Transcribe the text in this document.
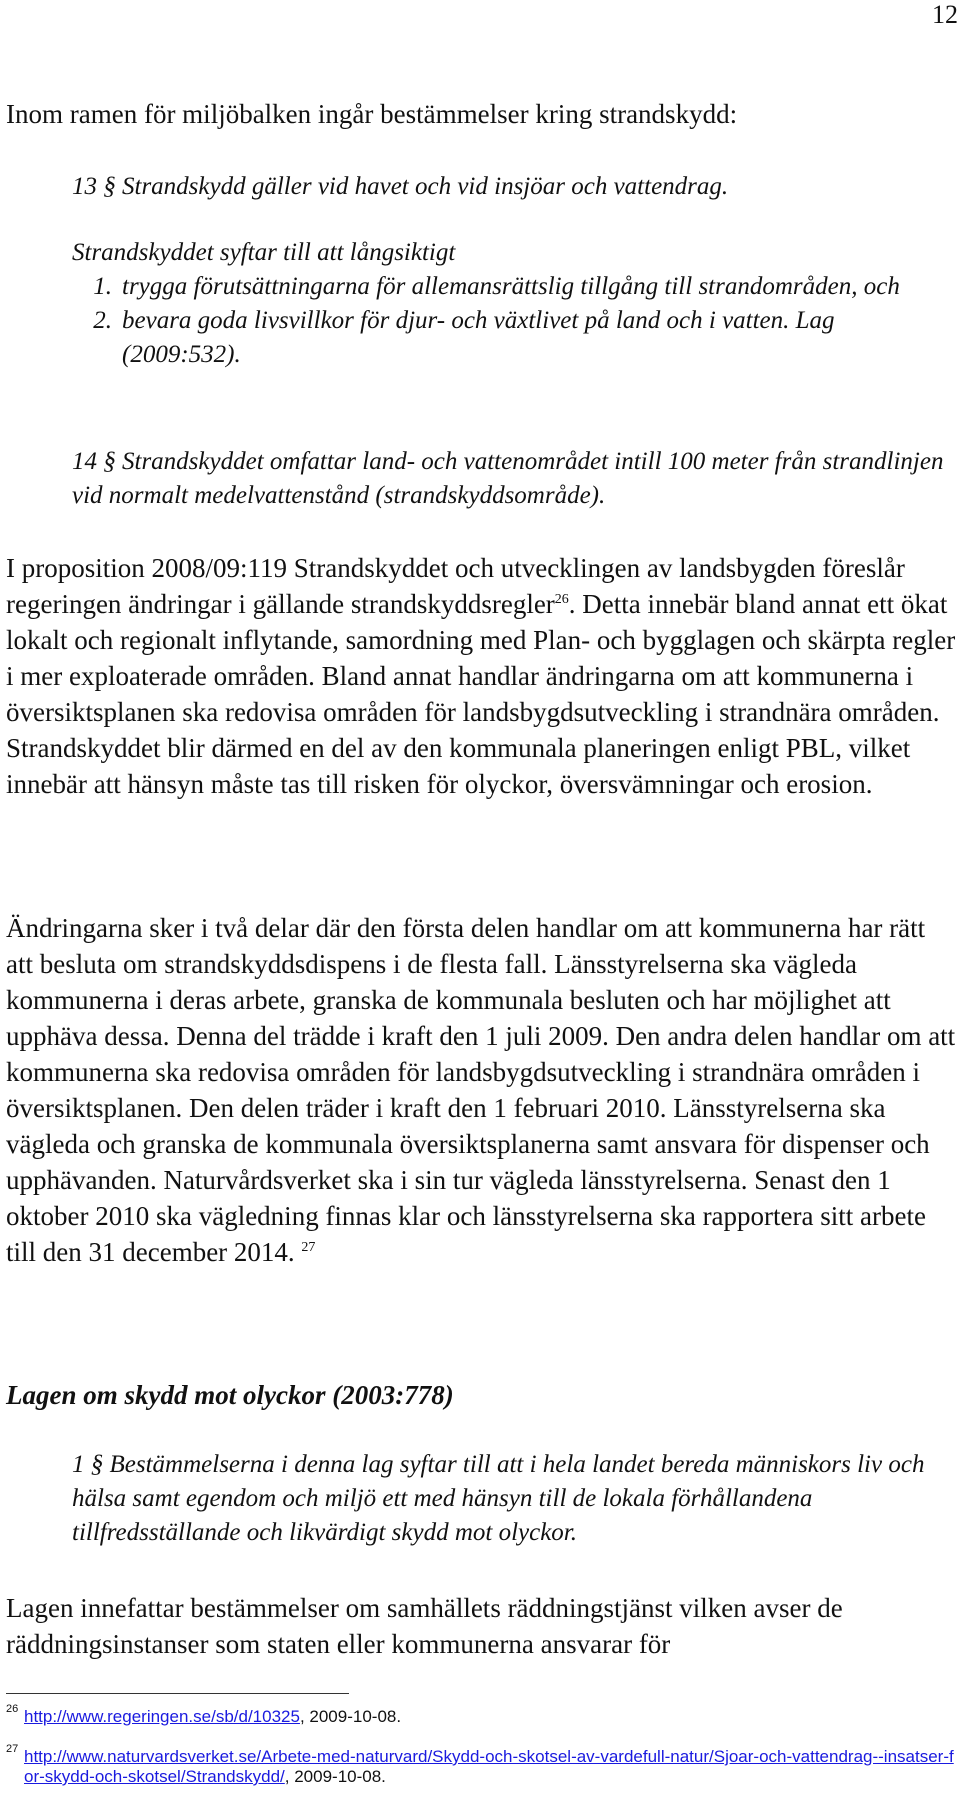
12

Inom ramen för miljöbalken ingår bestämmelser kring strandskydd:

13 § Strandskydd gäller vid havet och vid insjöar och vattendrag.

Strandskyddet syftar till att långsiktigt
1. trygga förutsättningarna för allemansrättslig tillgång till strandområden, och
2. bevara goda livsvillkor för djur- och växtlivet på land och i vatten. Lag (2009:532).

14 § Strandskyddet omfattar land- och vattenområdet intill 100 meter från strandlinjen vid normalt medelvattenstånd (strandskyddsområde).

I proposition 2008/09:119 Strandskyddet och utvecklingen av landsbygden föreslår regeringen ändringar i gällande strandskyddsregler$^{26}$. Detta innebär bland annat ett ökat lokalt och regionalt inflytande, samordning med Plan- och bygglagen och skärpta regler i mer exploaterade områden. Bland annat handlar ändringarna om att kommunerna i översiktsplanen ska redovisa områden för landsbygdsutveckling i strandnära områden. Strandskyddet blir därmed en del av den kommunala planeringen enligt PBL, vilket innebär att hänsyn måste tas till risken för olyckor, översvämningar och erosion.

Ändringarna sker i två delar där den första delen handlar om att kommunerna har rätt att besluta om strandskyddsdispens i de flesta fall. Länsstyrelserna ska vägleda kommunerna i deras arbete, granska de kommunala besluten och har möjlighet att upphäva dessa. Denna del trädde i kraft den 1 juli 2009. Den andra delen handlar om att kommunerna ska redovisa områden för landsbygdsutveckling i strandnära områden i översiktsplanen. Den delen träder i kraft den 1 februari 2010. Länsstyrelserna ska vägleda och granska de kommunala översiktsplanerna samt ansvara för dispenser och upphävanden. Naturvårdsverket ska i sin tur vägleda länsstyrelserna. Senast den 1 oktober 2010 ska vägledning finnas klar och länsstyrelserna ska rapportera sitt arbete till den 31 december 2014. $^{27}$

Lagen om skydd mot olyckor (2003:778)

1 § Bestämmelserna i denna lag syftar till att i hela landet bereda människors liv och hälsa samt egendom och miljö ett med hänsyn till de lokala förhållandena tillfredsställande och likvärdigt skydd mot olyckor.

Lagen innefattar bestämmelser om samhällets räddningstjänst vilken avser de räddningsinstanser som staten eller kommunerna ansvarar för

26 http://www.regeringen.se/sb/d/10325, 2009-10-08.
27 http://www.naturvardsverket.se/Arbete-med-naturvard/Skydd-och-skotsel-av-vardefull-natur/Sjoar-och-vattendrag--insatser-for-skydd-och-skotsel/Strandskydd/, 2009-10-08.
